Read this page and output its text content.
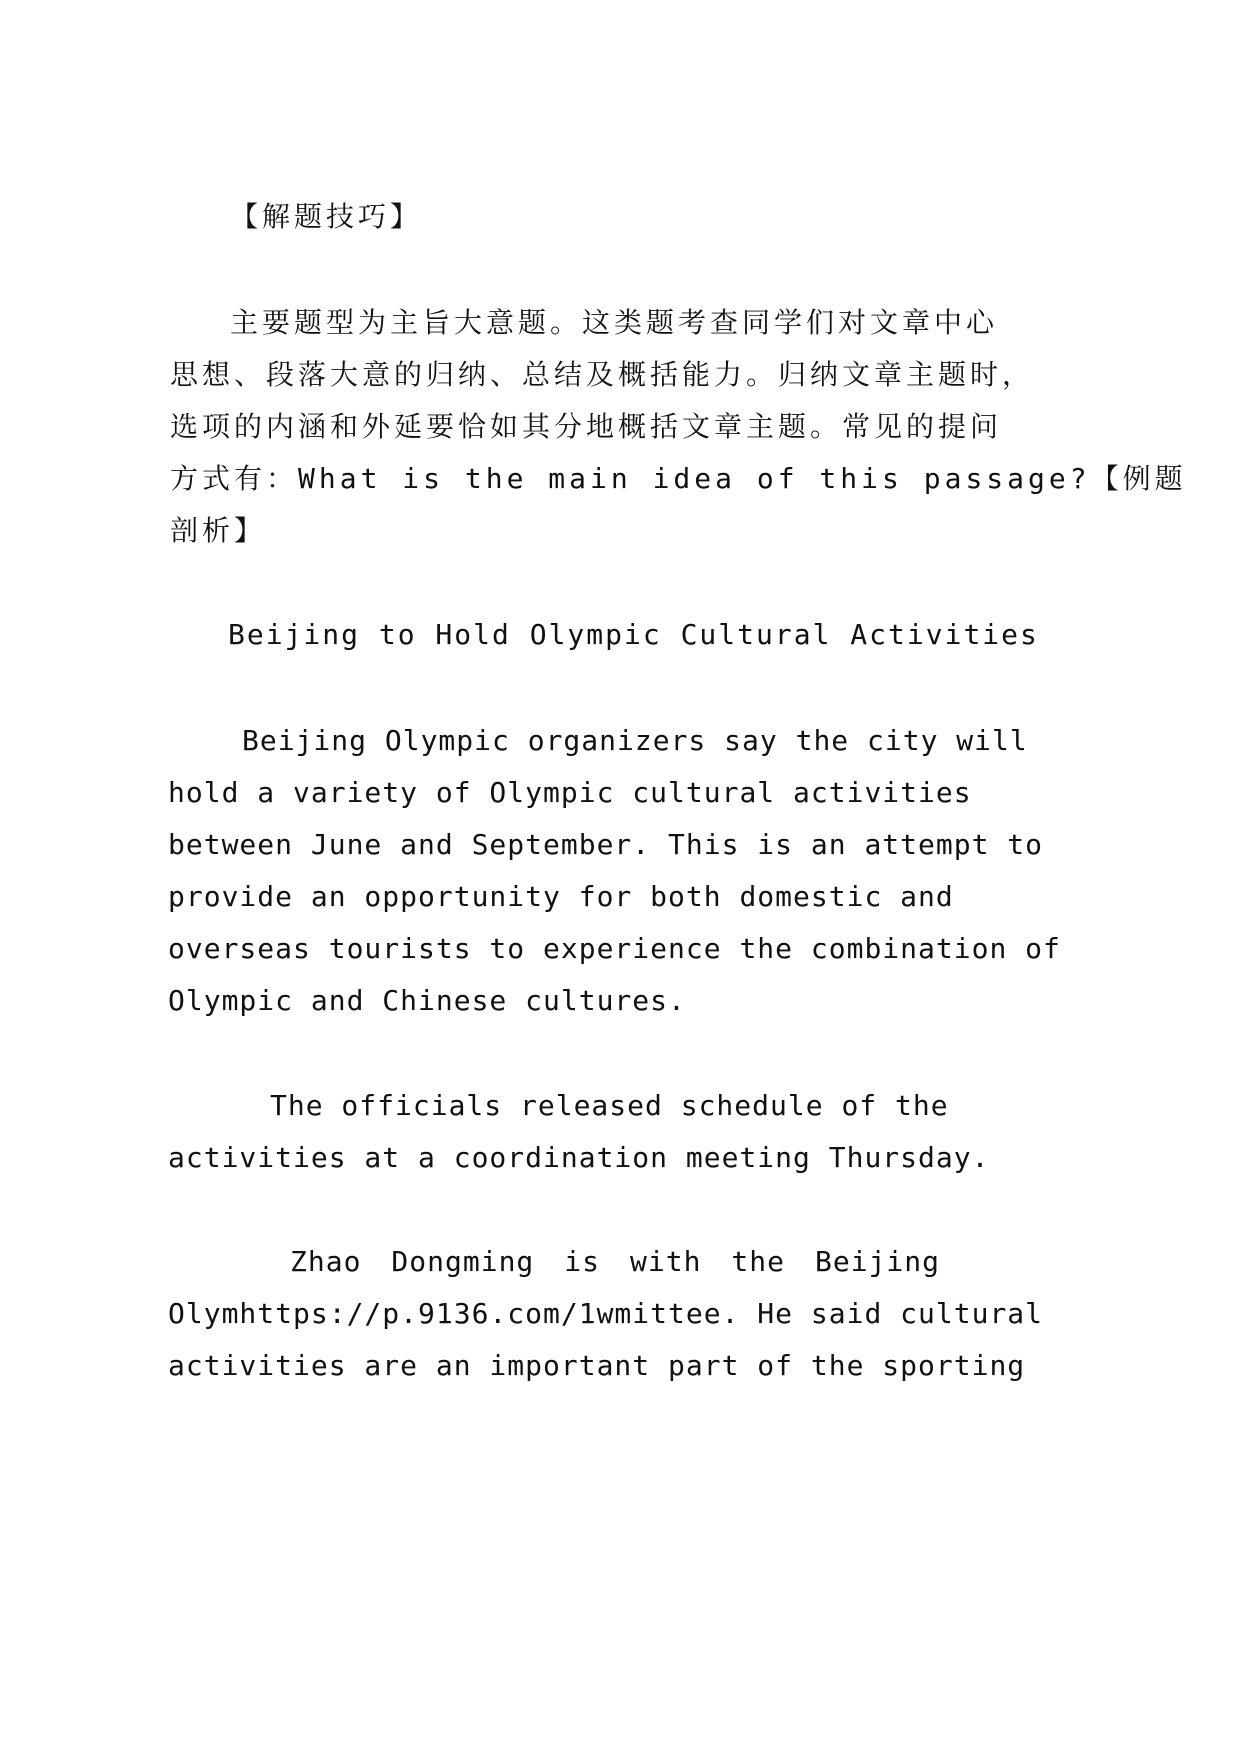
【解题技巧】
主要题型为主旨大意题。这类题考查同学们对文章中心
思想、段落大意的归纳、总结及概括能力。归纳文章主题时，
选项的内涵和外延要恰如其分地概括文章主题。常见的提问
方式有：What is the main idea of this passage?【例题
剖析】
Beijing to Hold Olympic Cultural Activities
Beijing Olympic organizers say the city will
hold a variety of Olympic cultural activities
between June and September. This is an attempt to
provide an opportunity for both domestic and
overseas tourists to experience the combination of
Olympic and Chinese cultures.
The officials released schedule of the
activities at a coordination meeting Thursday.
Zhao Dongming is with the Beijing
Olymhttps://p.9136.com/1wmittee. He said cultural
activities are an important part of the sporting
